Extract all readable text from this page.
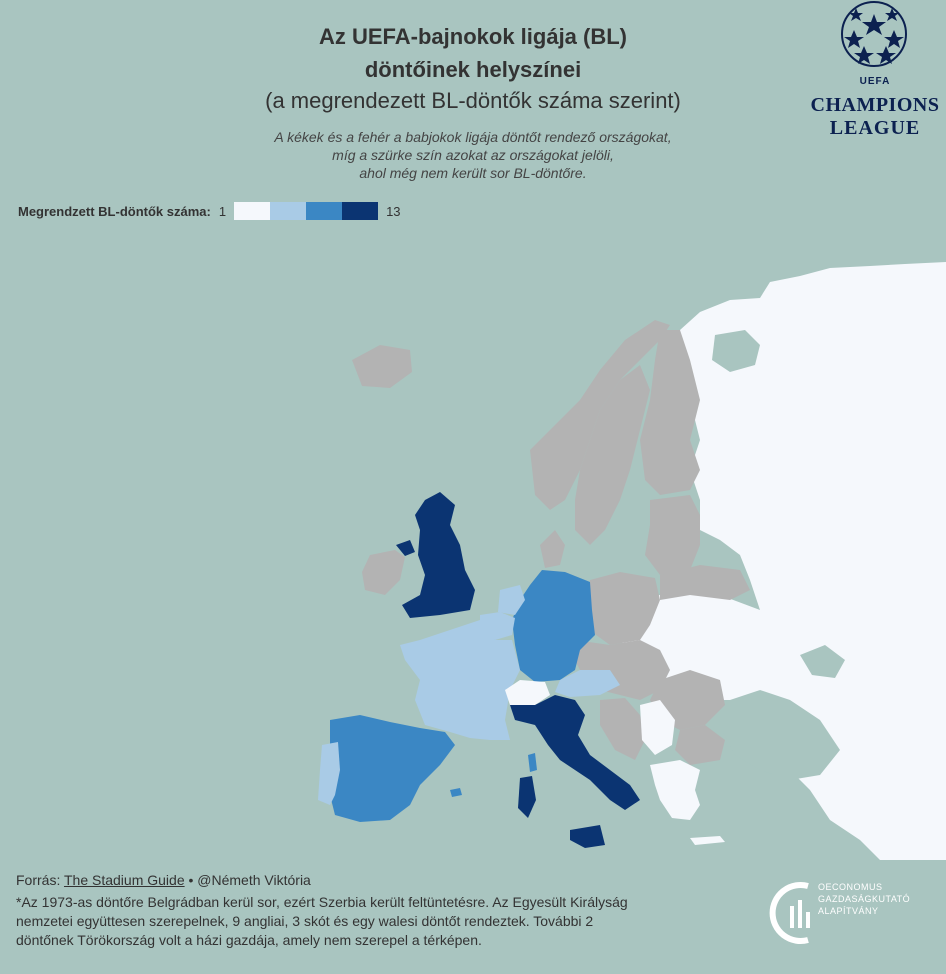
Az UEFA-bajnokok ligája (BL)
döntőinek helyszínei
(a megrendezett BL-döntők száma szerint)
A kékek és a fehér a babjokok ligája döntőt rendező országokat,
míg a szürke szín azokat az országokat jelöli,
ahol még nem került sor BL-döntőre.
Megrendzett BL-döntők száma: 1	13
UEFA
CHAMPIONS
LEAGUE
Forrás: The Stadium Guide • @Németh Viktória
*Az 1973-as döntőre Belgrádban kerül sor, ezért Szerbia került feltüntetésre. Az Egyesült Királyság
nemzetei együttesen szerepelnek, 9 angliai, 3 skót és egy walesi döntőt rendeztek. További 2
döntőnek Törökország volt a házi gazdája, amely nem szerepel a térképen.
OECONOMUS
GAZDASÁGKUTATÓ
ALAPÍTVÁNY
